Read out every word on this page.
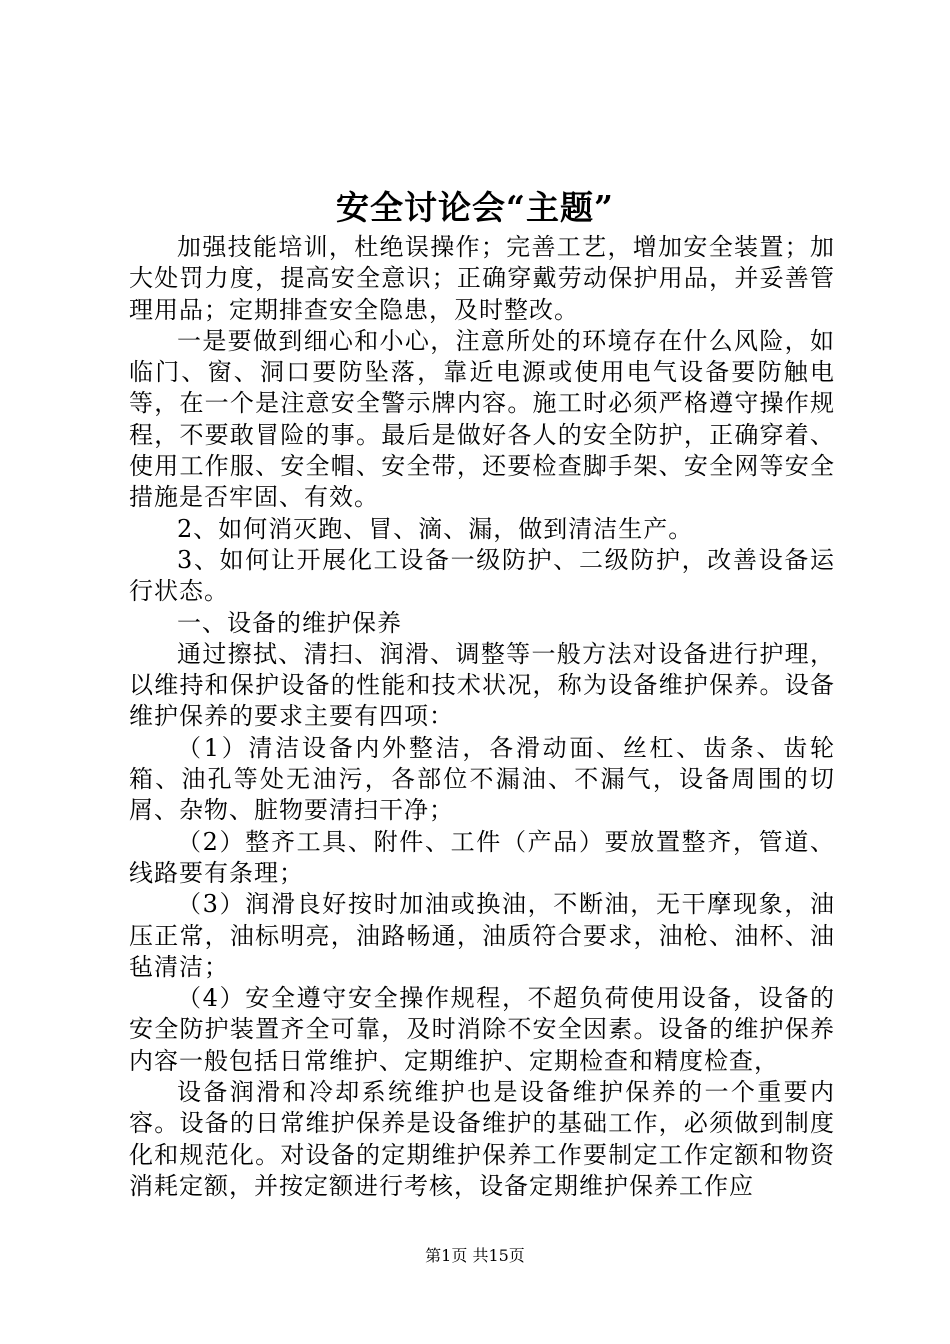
安全讨论会“主题”

加强技能培训，杜绝误操作；完善工艺，增加安全装置；加大处罚力度，提高安全意识；正确穿戴劳动保护用品，并妥善管理用品；定期排查安全隐患，及时整改。

一是要做到细心和小心，注意所处的环境存在什么风险，如临门、窗、洞口要防坠落，靠近电源或使用电气设备要防触电等，在一个是注意安全警示牌内容。施工时必须严格遵守操作规程，不要敢冒险的事。最后是做好各人的安全防护，正确穿着、使用工作服、安全帽、安全带，还要检查脚手架、安全网等安全措施是否牢固、有效。

2、如何消灭跑、冒、滴、漏，做到清洁生产。

3、如何让开展化工设备一级防护、二级防护，改善设备运行状态。

一、设备的维护保养

通过擦拭、清扫、润滑、调整等一般方法对设备进行护理，以维持和保护设备的性能和技术状况，称为设备维护保养。设备维护保养的要求主要有四项：

（1）清洁设备内外整洁，各滑动面、丝杠、齿条、齿轮箱、油孔等处无油污，各部位不漏油、不漏气，设备周围的切屑、杂物、脏物要清扫干净；

（2）整齐工具、附件、工件（产品）要放置整齐，管道、线路要有条理；

（3）润滑良好按时加油或换油，不断油，无干摩现象，油压正常，油标明亮，油路畅通，油质符合要求，油枪、油杯、油毡清洁；

（4）安全遵守安全操作规程，不超负荷使用设备，设备的安全防护装置齐全可靠，及时消除不安全因素。设备的维护保养内容一般包括日常维护、定期维护、定期检查和精度检查，

设备润滑和冷却系统维护也是设备维护保养的一个重要内容。设备的日常维护保养是设备维护的基础工作，必须做到制度化和规范化。对设备的定期维护保养工作要制定工作定额和物资消耗定额，并按定额进行考核，设备定期维护保养工作应

第1页 共15页
